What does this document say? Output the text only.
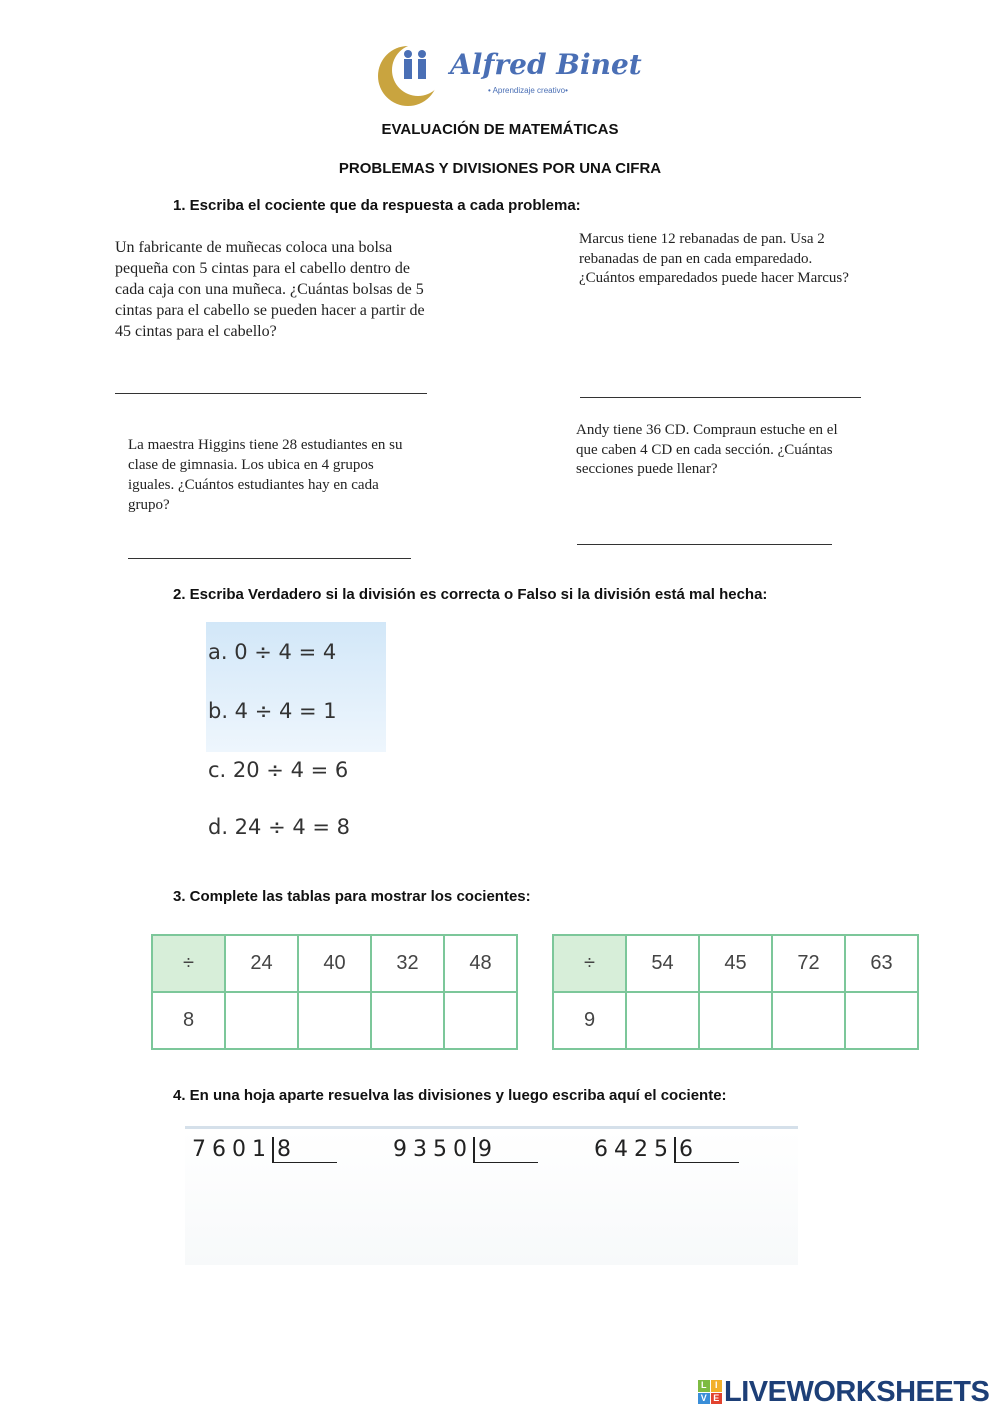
Alfred Binet
• Aprendizaje creativo•
EVALUACIÓN DE MATEMÁTICAS
PROBLEMAS Y DIVISIONES POR UNA CIFRA
1. Escriba el cociente que da respuesta a cada problema:
Un fabricante de muñecas coloca una bolsa pequeña con 5 cintas para el cabello dentro de cada caja con una muñeca. ¿Cuántas bolsas de 5 cintas para el cabello se pueden hacer a partir de 45 cintas para el cabello?
Marcus tiene 12 rebanadas de pan. Usa 2 rebanadas de pan en cada emparedado. ¿Cuántos emparedados puede hacer Marcus?
La maestra Higgins tiene 28 estudiantes en su clase de gimnasia. Los ubica en 4 grupos iguales. ¿Cuántos estudiantes hay en cada grupo?
Andy tiene 36 CD. Compraun estuche en el que caben 4 CD en cada sección. ¿Cuántas secciones puede llenar?
2. Escriba Verdadero si la división es correcta o Falso si la división está mal hecha:
a. 0 ÷ 4 = 4
b. 4 ÷ 4 = 1
c. 20 ÷ 4 = 6
d. 24 ÷ 4 = 8
3. Complete las tablas para mostrar los cocientes:
÷	24	40	32	48
8				
÷	54	45	72	63
9				
4. En una hoja aparte resuelva las divisiones y luego escriba aquí el cociente:
7601 8	9350 9	6425 6
L I
V E LIVEWORKSHEETS
